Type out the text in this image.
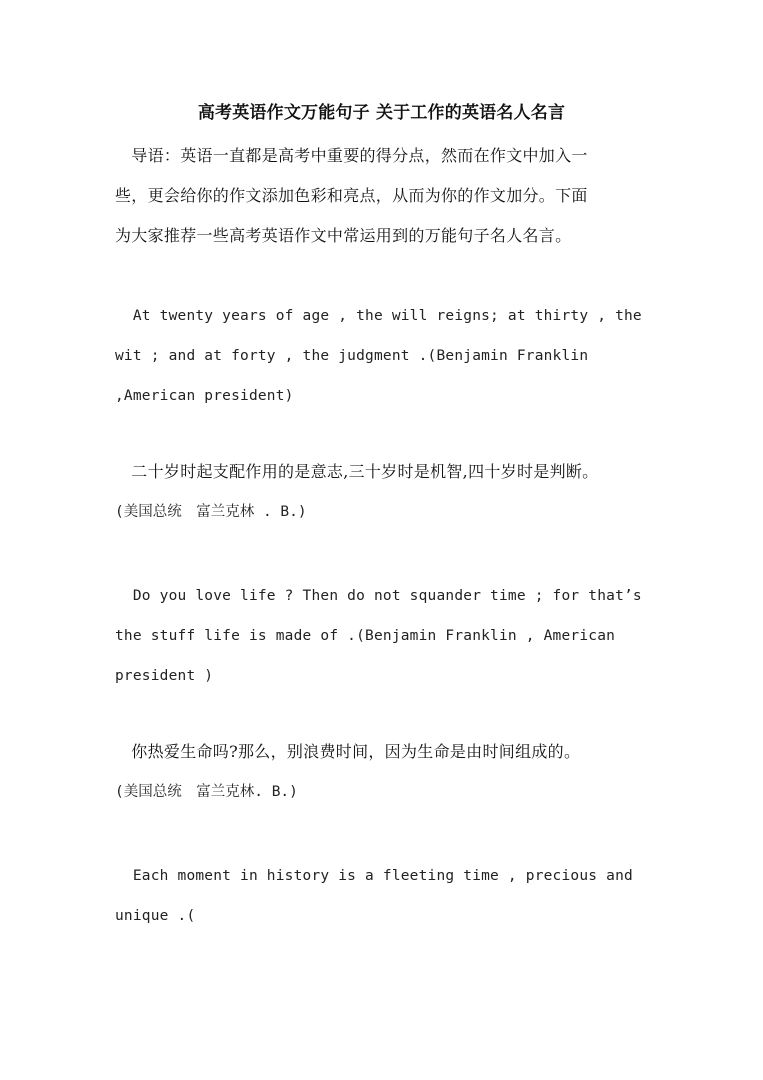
高考英语作文万能句子 关于工作的英语名人名言
　导语：英语一直都是高考中重要的得分点，然而在作文中加入一
些，更会给你的作文添加色彩和亮点，从而为你的作文加分。下面
为大家推荐一些高考英语作文中常运用到的万能句子名人名言。
At twenty years of age , the will reigns; at thirty , the
wit ; and at forty , the judgment .(Benjamin Franklin
,American president)
　二十岁时起支配作用的是意志,三十岁时是机智,四十岁时是判断。
(美国总统　富兰克林 . B.)
Do you love life ? Then do not squander time ; for that’s
the stuff life is made of .(Benjamin Franklin , American
president )
　你热爱生命吗?那么，别浪费时间，因为生命是由时间组成的。
(美国总统　富兰克林. B.)
Each moment in history is a fleeting time , precious and
unique .(
